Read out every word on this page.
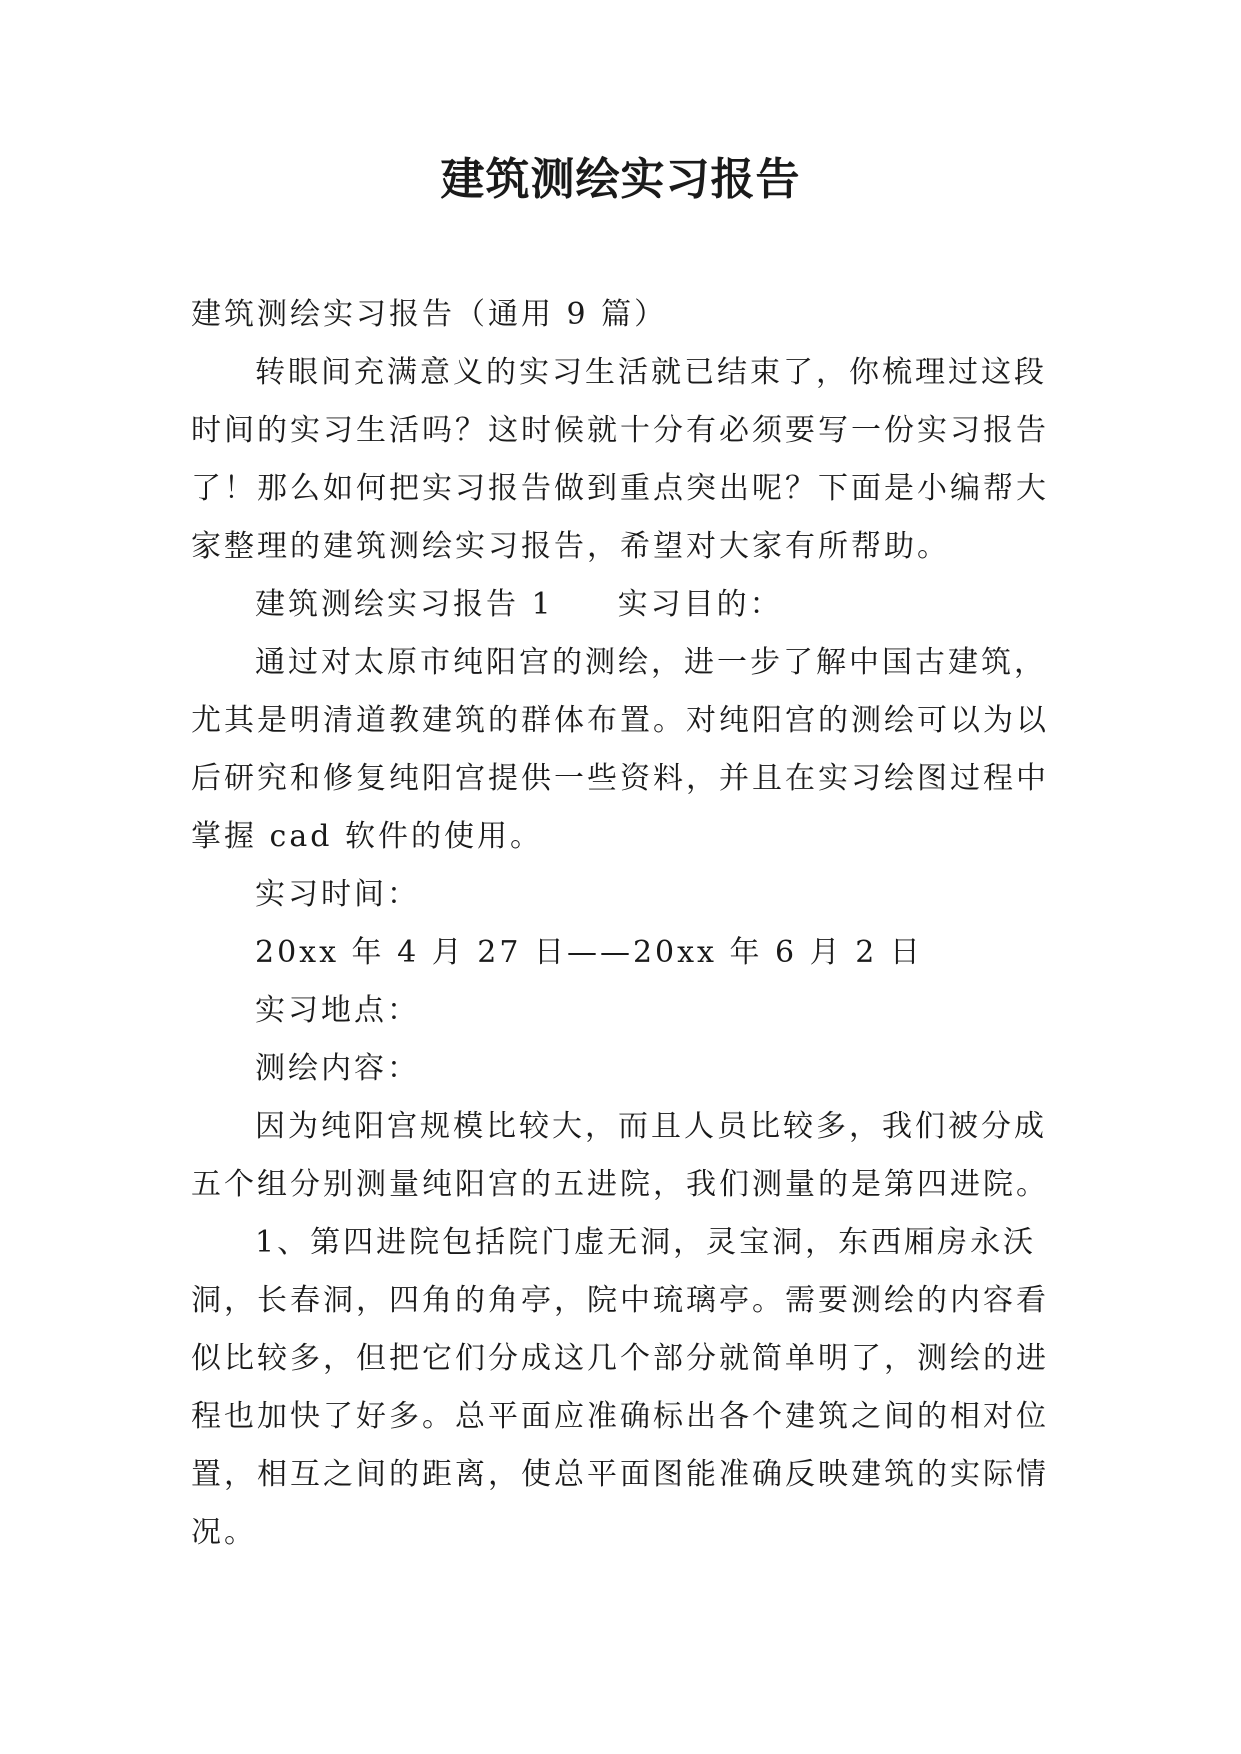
建筑测绘实习报告

建筑测绘实习报告（通用 9 篇）

转眼间充满意义的实习生活就已结束了，你梳理过这段时间的实习生活吗？这时候就十分有必须要写一份实习报告了！那么如何把实习报告做到重点突出呢？下面是小编帮大家整理的建筑测绘实习报告，希望对大家有所帮助。

建筑测绘实习报告 1 实习目的：

通过对太原市纯阳宫的测绘，进一步了解中国古建筑，尤其是明清道教建筑的群体布置。对纯阳宫的测绘可以为以后研究和修复纯阳宫提供一些资料，并且在实习绘图过程中掌握 cad 软件的使用。

实习时间：

20xx 年 4 月 27 日——20xx 年 6 月 2 日

实习地点：

测绘内容：

因为纯阳宫规模比较大，而且人员比较多，我们被分成五个组分别测量纯阳宫的五进院，我们测量的是第四进院。

1、第四进院包括院门虚无洞，灵宝洞，东西厢房永沃洞，长春洞，四角的角亭，院中琉璃亭。需要测绘的内容看似比较多，但把它们分成这几个部分就简单明了，测绘的进程也加快了好多。总平面应准确标出各个建筑之间的相对位置，相互之间的距离，使总平面图能准确反映建筑的实际情况。
